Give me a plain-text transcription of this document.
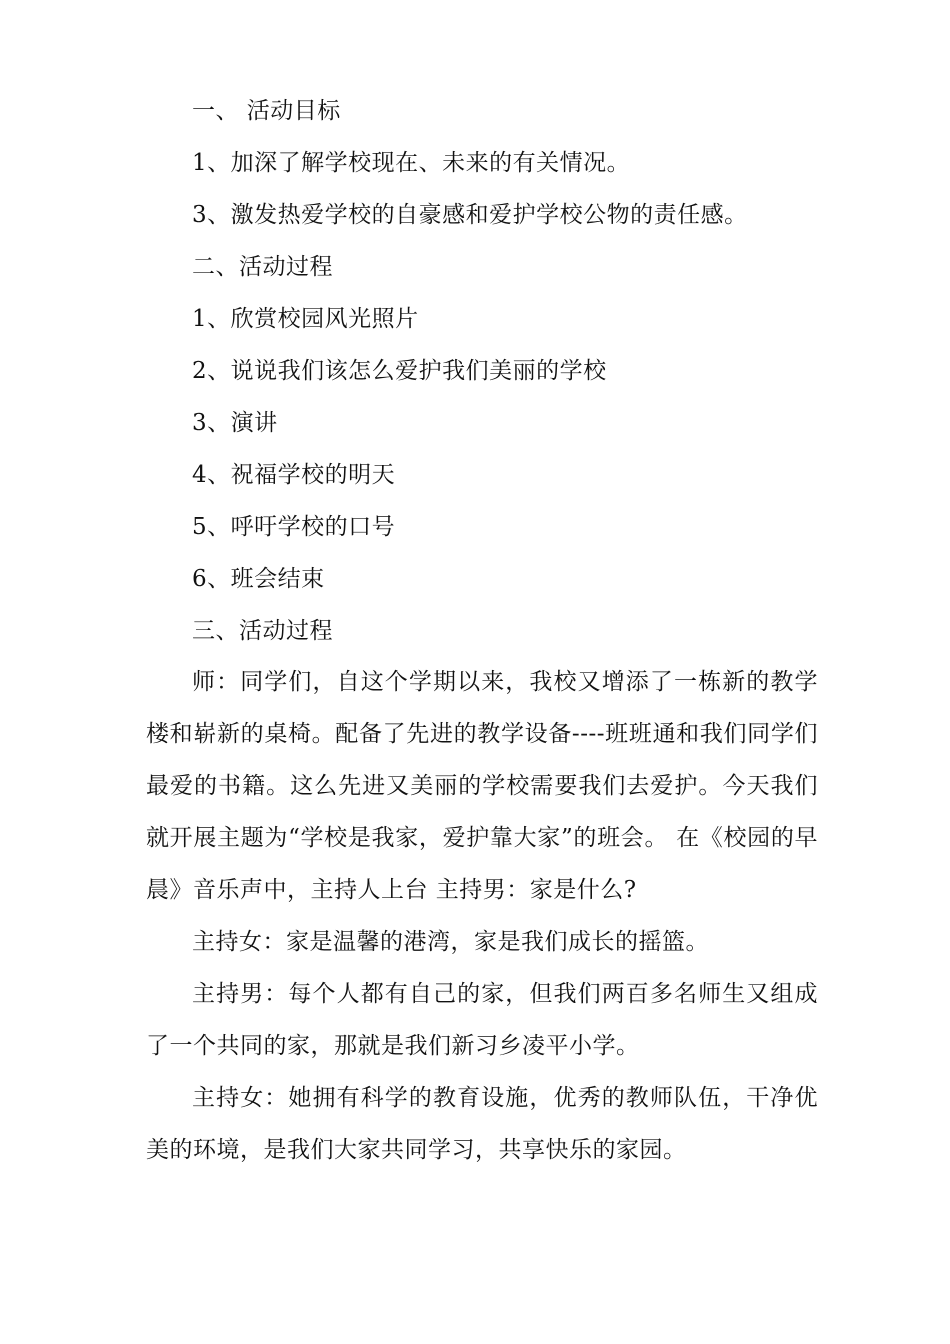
一、 活动目标
1、加深了解学校现在、未来的有关情况。
3、激发热爱学校的自豪感和爱护学校公物的责任感。
二、活动过程
1、欣赏校园风光照片
2、说说我们该怎么爱护我们美丽的学校
3、演讲
4、祝福学校的明天
5、呼吁学校的口号
6、班会结束
三、活动过程
师：同学们，自这个学期以来，我校又增添了一栋新的教学楼和崭新的桌椅。配备了先进的教学设备----班班通和我们同学们最爱的书籍。这么先进又美丽的学校需要我们去爱护。今天我们就开展主题为“学校是我家，爱护靠大家”的班会。 在《校园的早晨》音乐声中，主持人上台 主持男：家是什么?
主持女：家是温馨的港湾，家是我们成长的摇篮。
主持男：每个人都有自己的家，但我们两百多名师生又组成了一个共同的家，那就是我们新习乡凌平小学。
主持女：她拥有科学的教育设施，优秀的教师队伍，干净优美的环境，是我们大家共同学习，共享快乐的家园。
